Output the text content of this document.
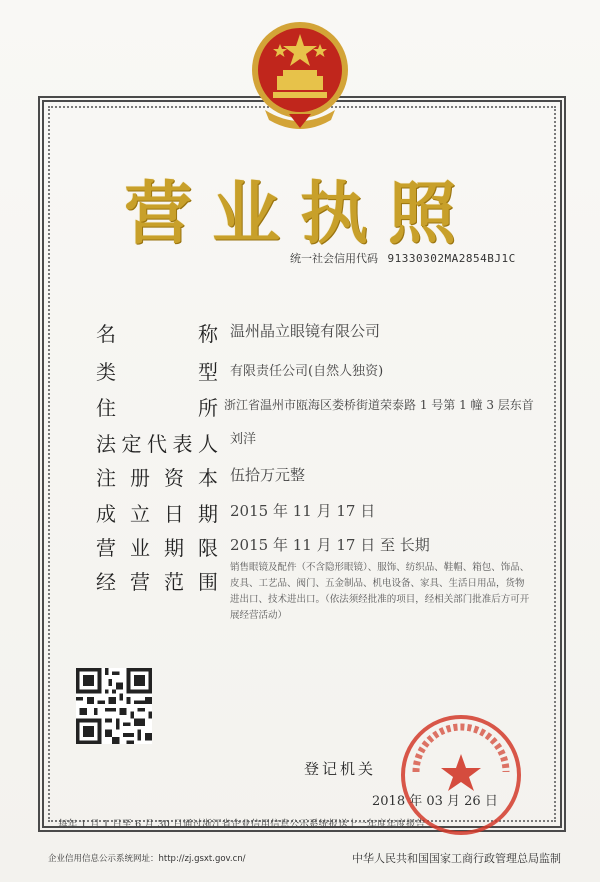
营业执照
统一社会信用代码 91330302MA2854BJ1C
名	称 温州晶立眼镜有限公司
类	型 有限责任公司(自然人独资)
住	所 浙江省温州市瓯海区娄桥街道荣泰路 1 号第 1 幢 3 层东首
法 定 代 表 人 刘洋
注 册 资 本 伍拾万元整
成 立 日 期 2015 年 11 月 17 日
营 业 期 限 2015 年 11 月 17 日 至 长期
经 营 范 围
销售眼镜及配件（不含隐形眼镜）、服饰、纺织品、鞋帽、箱包、饰品、皮具、工艺品、阀门、五金制品、机电设备、家具、生活日用品，货物进出口、技术进出口。（依法须经批准的项目，经相关部门批准后方可开展经营活动）
登记机关
2018 年 03 月 26 日
每年 1 月 1 日至 6 月 30 日通过浙江省企业信用信息公示系统报送上一年度年度报告
企业信用信息公示系统网址：http://zj.gsxt.gov.cn/	中华人民共和国国家工商行政管理总局监制
